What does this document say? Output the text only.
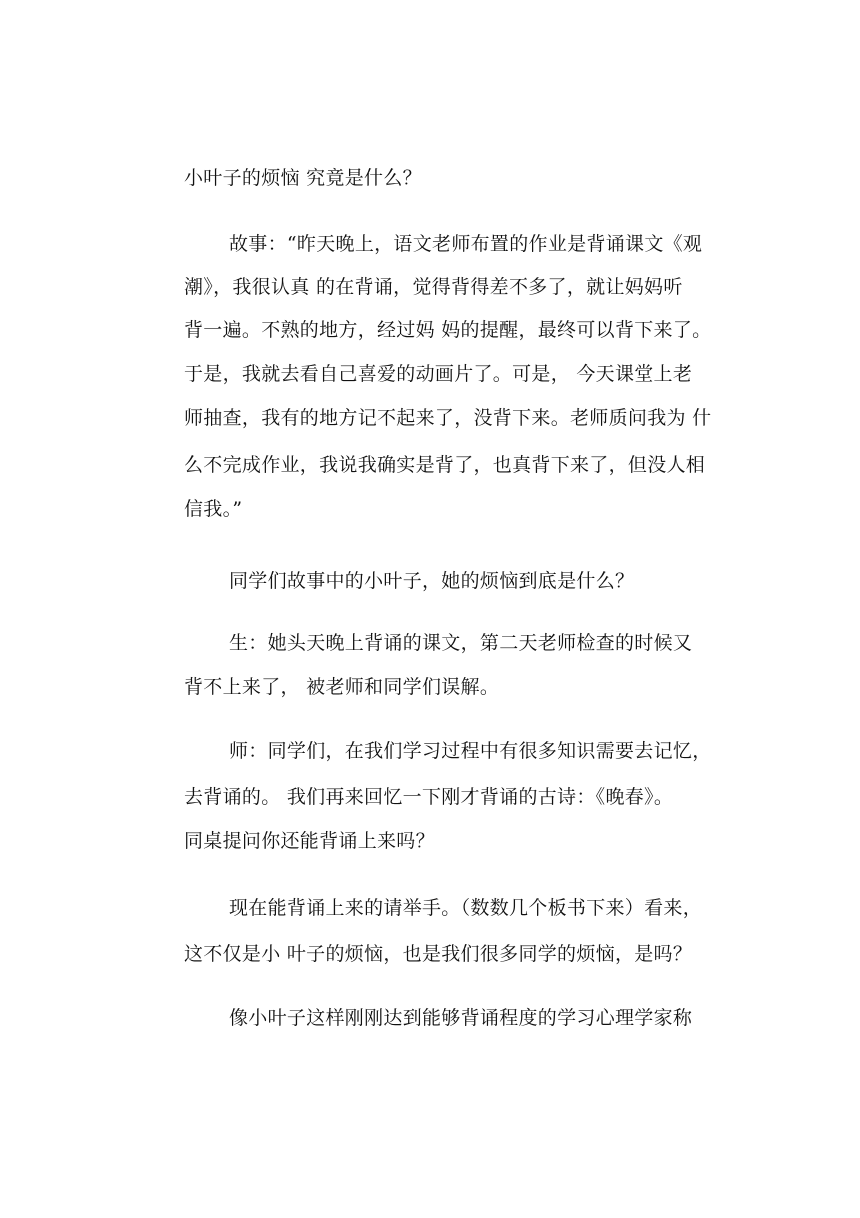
小叶子的烦恼 究竟是什么？
故事：“昨天晚上，语文老师布置的作业是背诵课文《观
潮》，我很认真 的在背诵，觉得背得差不多了，就让妈妈听
背一遍。不熟的地方，经过妈 妈的提醒，最终可以背下来了。
于是，我就去看自己喜爱的动画片了。可是， 今天课堂上老
师抽查，我有的地方记不起来了，没背下来。老师质问我为 什
么不完成作业，我说我确实是背了，也真背下来了，但没人相
信我。”
同学们故事中的小叶子，她的烦恼到底是什么？
生：她头天晚上背诵的课文，第二天老师检查的时候又
背不上来了， 被老师和同学们误解。
师：同学们，在我们学习过程中有很多知识需要去记忆，
去背诵的。 我们再来回忆一下刚才背诵的古诗：《晚春》。
同桌提问你还能背诵上来吗？
现在能背诵上来的请举手。（数数几个板书下来）看来，
这不仅是小 叶子的烦恼，也是我们很多同学的烦恼，是吗？
像小叶子这样刚刚达到能够背诵程度的学习心理学家称
